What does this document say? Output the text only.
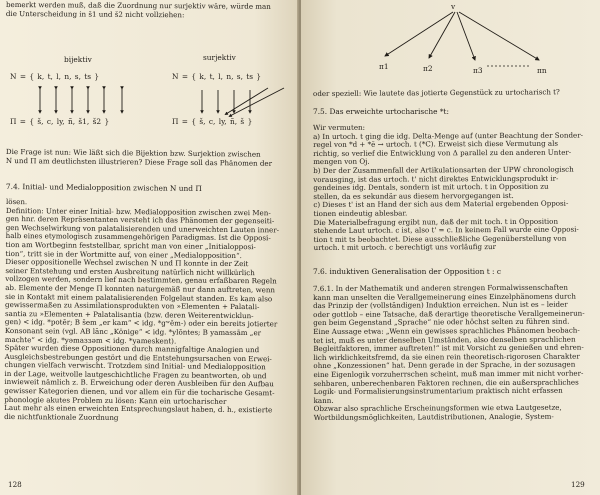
bemerkt werden muß, daß die Zuordnung nur surjektiv wäre, würde man

die Unterscheidung in š1 und š2 nicht vollziehen:

bijektiv	surjektiv
N = { k, t, l, n, s, ts }	N = { k, t, l, n, s, ts }
Π = { š, c, ly, ñ, š1, š2 }	Π = { š, c, ly, ñ, š }

Die Frage ist nun: Wie läßt sich die Bijektion bzw. Surjektion zwischen

N und Π am deutlichsten illustrieren? Diese Frage soll das Phänomen der

7.4. Initial- und Medialopposition zwischen N und Π

lösen.

Definition: Unter einer Initial- bzw. Medialopposition zwischen zwei Men-

gen hnr. deren Repräsentanten versteht ich das Phänomen der gegenseiti-

gen Wechselwirkung von palatalisierenden und unerweichten Lauten inner-

halb eines etymologisch zusammengehörigen Paradigmas. Ist die Opposi-

tion am Wortbeginn feststellbar, spricht man von einer „Initialopposi-

tion“, tritt sie in der Wortmitte auf, von einer „Medialopposition“.

Dieser oppositionelle Wechsel zwischen N und Π konnte in der Zeit

seiner Entstehung und ersten Ausbreitung natürlich nicht willkürlich

vollzogen werden, sondern lief nach bestimmten, genau erfaßbaren Regeln

ab. Elemente der Menge Π konnten naturgemäß nur dann auftreten, wenn

sie in Kontakt mit einem palatalisierenden Folgelaut standen. Es kam also

gewissermaßen zu Assimilationsprodukten von »Elementen + Palatali-

santia zu »Elementen + Palatalisantia (bzw. deren Weiterentwicklun-

gen) < idg. *potēr; B šem „er kam“ < idg. *gʷĕm-) oder ein bereits jotierter

Konsonant sein (vgl. AB lānc „Könige“ < idg. *ylōntes; B yamassām „er

machte“ < idg. *yəmaззəm < idg. *yameskent).

Später wurden diese Oppositionen durch mannigfaltige Analogien und

Ausgleichsbestrebungen gestört und die Entstehungsursachen von Erwei-

chungen vielfach verwischt. Trotzdem sind Initial- und Medialopposition

in der Lage, weitvolle lautgeschichtliche Fragen zu beantworten, ob und

inwieweit nämlich z. B. Erweichung oder deren Ausbleiben für den Aufbau

gewisser Kategorien dienen, und vor allem ein für die tocharische Gesamt-

phonologie akutes Problem zu lösen: Kann ein urtocharischer

Laut mehr als einen erweichten Entsprechungslaut haben, d. h., existierte

die nichtfunktionale Zuordnung

128
v
π1	π2	π3	πn
oder speziell: Wie lautete das jotierte Gegenstück zu urtocharisch t?
7.5. Das erweichte urtocharische *t:

Wir vermuten:

a) In urtoch. t ging die idg. Delta-Menge auf (unter Beachtung der Sonder-

regel von *d + *ĕ → urtoch. t (*C). Erweist sich diese Vermutung als

richtig, so verlief die Entwicklung von Δ parallel zu den anderen Unter-

mengen von Oj.

b) Der der Zusammenfall der Artikulationsarten der UPW chronologisch

vorausging, ist das urtoch. t' nicht direktes Entwicklungsprodukt ir-

gendeines idg. Dentals, sondern ist mit urtoch. t in Opposition zu

stellen, da es sekundär aus diesem hervorgegangen ist.

c) Dieses t' ist an Hand der sich aus dem Material ergebenden Opposi-

tionen eindeutig ablesbar.

Die Materialbefragung ergibt nun, daß der mit toch. t in Opposition

stehende Laut urtoch. c ist, also t' = c. In keinem Fall wurde eine Opposi-

tion t mit ts beobachtet. Diese ausschließliche Gegenüberstellung von

urtoch. t mit urtoch. c berechtigt uns vorläufig zur

7.6. induktiven Generalisation der Opposition t : c

7.6.1. In der Mathematik und anderen strengen Formalwissenschaften

kann man unselten die Verallgemeinerung eines Einzelphänomens durch

das Prinzip der (vollständigen) Induktion erreichen. Nun ist es – leider

oder gottlob – eine Tatsache, daß derartige theoretische Verallgemeinerun-

gen beim Gegenstand „Sprache“ nie oder höchst selten zu führen sind.

Eine Aussage etwa: „Wenn ein gewisses sprachliches Phänomen beobach-

tet ist, muß es unter denselben Umständen, also denselben sprachlichen

Begleitfaktoren, immer auftreten!“ ist mit Vorsicht zu genießen und ehren-

lich wirklichkeitsfremd, da sie einen rein theoretisch-rigorosen Charakter

ohne „Konzessionen“ hat. Denn gerade in der Sprache, in der sozusagen

eine Eigenlogik vorzuherrschen scheint, muß man immer mit nicht vorher-

sehbaren, unberechenbaren Faktoren rechnen, die ein außersprachliches

Logik- und Formalisierungsinstrumentarium praktisch nicht erfassen

kann.

Obzwar also sprachliche Erscheinungsformen wie etwa Lautgesetze,

Wortbildungsmöglichkeiten, Lautdistributionen, Analogie, System-

129
